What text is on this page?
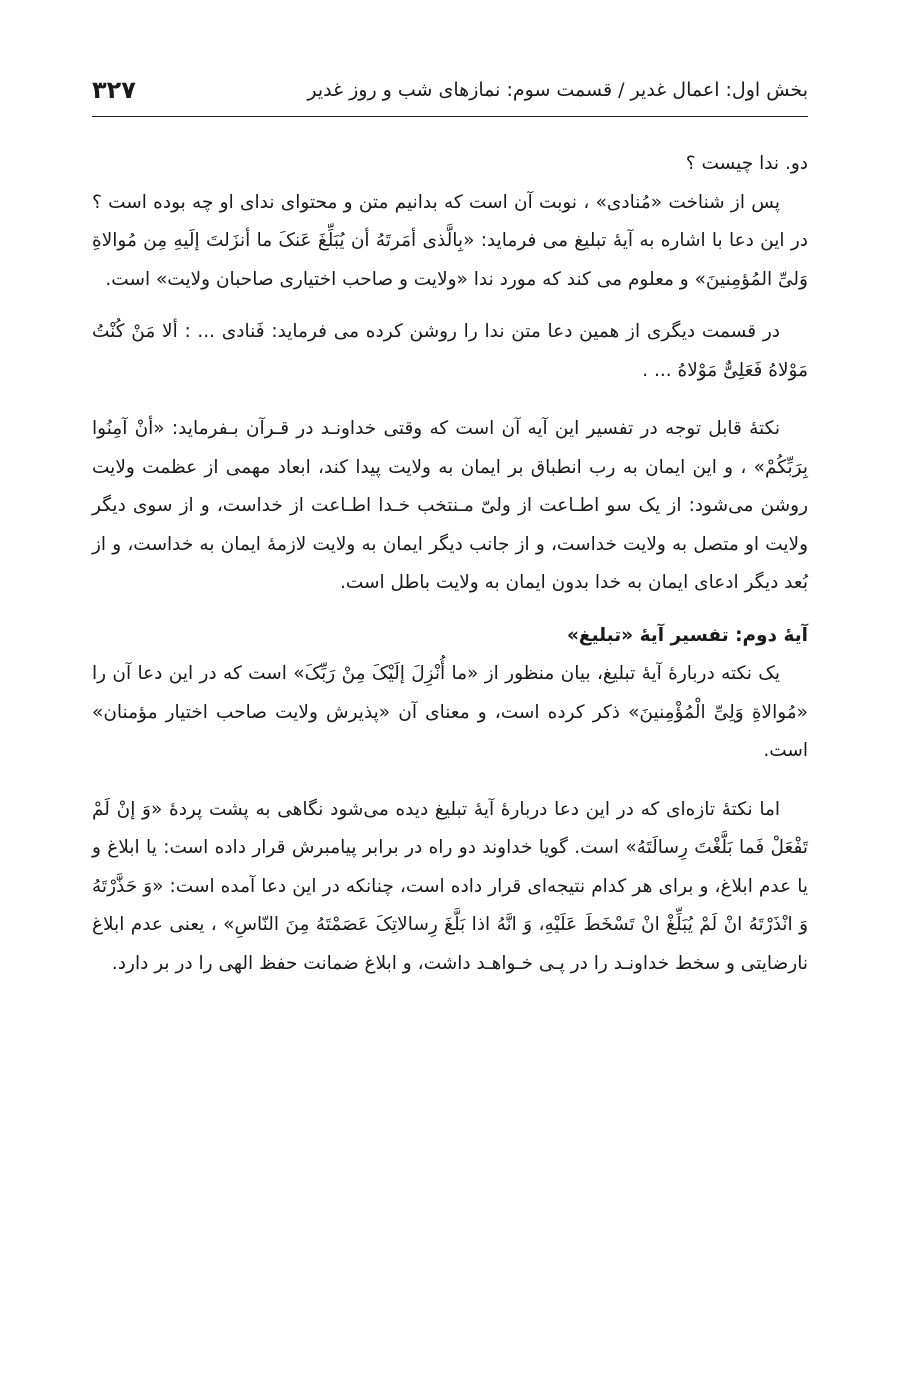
بخش اول: اعمال غدیر / قسمت سوم: نمازهای شب و روز غدیر
۳۲۷

دو. ندا چیست ؟

پس از شناخت «مُنادی» ، نوبت آن است که بدانیم متن و محتوای ندای او چه بوده است ؟ در این دعا با اشاره به آیهٔ تبلیغ می فرماید: «بِالَّذی أمَرتَهُ أن یُبَلِّغَ عَنکَ ما أنزَلتَ إلَیهِ مِن مُوالاةِ وَلیِّ المُؤمِنینَ» و معلوم می کند که مورد ندا «ولایت و صاحب اختیاری صاحبان ولایت» است.

در قسمت دیگری از همین دعا متن ندا را روشن کرده می فرماید: فَنادی ... : ألا مَنْ کُنْتُ مَوْلاهُ فَعَلِیٌّ مَوْلاهُ ... .

نکتهٔ قابل توجه در تفسیر این آیه آن است که وقتی خداونـد در قـرآن بـفرماید: «أنْ آمِنُوا بِرَبِّکُمْ» ، و این ایمان به رب انطباق بر ایمان به ولایت پیدا کند، ابعاد مهمی از عظمت ولایت روشن می‌شود: از یک سو اطـاعت از ولیّ مـنتخب خـدا اطـاعت از خداست، و از سوی دیگر ولایت او متصل به ولایت خداست، و از جانب دیگر ایمان به ولایت لازمهٔ ایمان به خداست، و از بُعد دیگر ادعای ایمان به خدا بدون ایمان به ولایت باطل است.

آیهٔ دوم: تفسیر آیهٔ «تبلیغ»

یک نکته دربارهٔ آیهٔ تبلیغ، بیان منظور از «ما أُنْزِلَ إلَیْکَ مِنْ رَبِّکَ» است که در این دعا آن را «مُوالاةِ وَلِیِّ الْمُؤْمِنینَ» ذکر کرده است، و معنای آن «پذیرش ولایت صاحب اختیار مؤمنان» است.

اما نکتهٔ تازه‌ای که در این دعا دربارهٔ آیهٔ تبلیغ دیده می‌شود نگاهی به پشت پردهٔ «وَ إنْ لَمْ تَفْعَلْ فَما بَلَّغْتَ رِسالَتَهُ» است. گویا خداوند دو راه در برابر پیامبرش قرار داده است: یا ابلاغ و یا عدم ابلاغ، و برای هر کدام نتیجه‌ای قرار داده است، چنانکه در این دعا آمده است: «وَ حَذَّرْتَهُ وَ انْذَرْتَهُ انْ لَمْ یُبَلِّغْ انْ تَسْخَطَ عَلَیْهِ، وَ انَّهُ اذا بَلَّغَ رِسالاتِکَ عَصَمْتَهُ مِنَ النّاسِ» ، یعنی عدم ابلاغ نارضایتی و سخط خداونـد را در پـی خـواهـد داشت، و ابلاغ ضمانت حفظ الهی را در بر دارد.
